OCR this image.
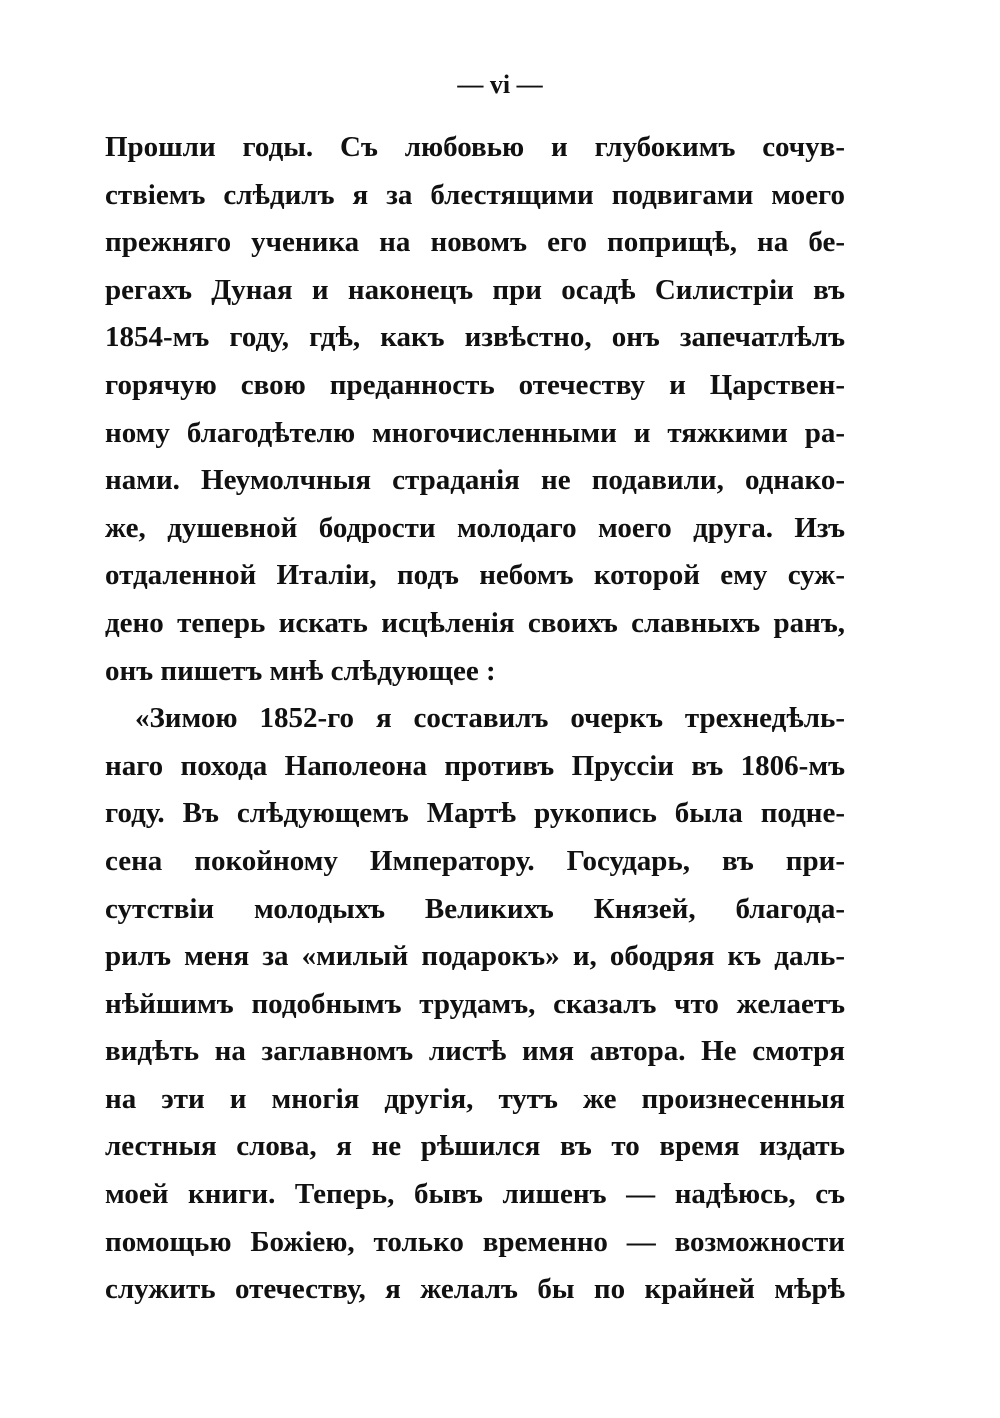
— vi —
Прошли годы. Съ любовью и глубокимъ сочув-
ствіемъ слѣдилъ я за блестящими подвигами моего
прежняго ученика на новомъ его поприщѣ, на бе-
регахъ Дуная и наконецъ при осадѣ Силистріи въ
1854-мъ году, гдѣ, какъ извѣстно, онъ запечатлѣлъ
горячую свою преданность отечеству и Царствен-
ному благодѣтелю многочисленными и тяжкими ра-
нами. Неумолчныя страданія не подавили, однако-
же, душевной бодрости молодаго моего друга. Изъ
отдаленной Италіи, подъ небомъ которой ему суж-
дено теперь искать исцѣленія своихъ славныхъ ранъ,
онъ пишетъ мнѣ слѣдующее :
«Зимою 1852-го я составилъ очеркъ трехнедѣль-
наго похода Наполеона противъ Пруссіи въ 1806-мъ
году. Въ слѣдующемъ Мартѣ рукопись была подне-
сена покойному Императору. Государь, въ при-
сутствіи молодыхъ Великихъ Князей, благода-
рилъ меня за «милый подарокъ» и, ободряя къ даль-
нѣйшимъ подобнымъ трудамъ, сказалъ что желаетъ
видѣть на заглавномъ листѣ имя автора. Не смотря
на эти и многія другія, тутъ же произнесенныя
лестныя слова, я не рѣшился въ то время издать
моей книги. Теперь, бывъ лишенъ — надѣюсь, съ
помощью Божіею, только временно — возможности
служить отечеству, я желалъ бы по крайней мѣрѣ
